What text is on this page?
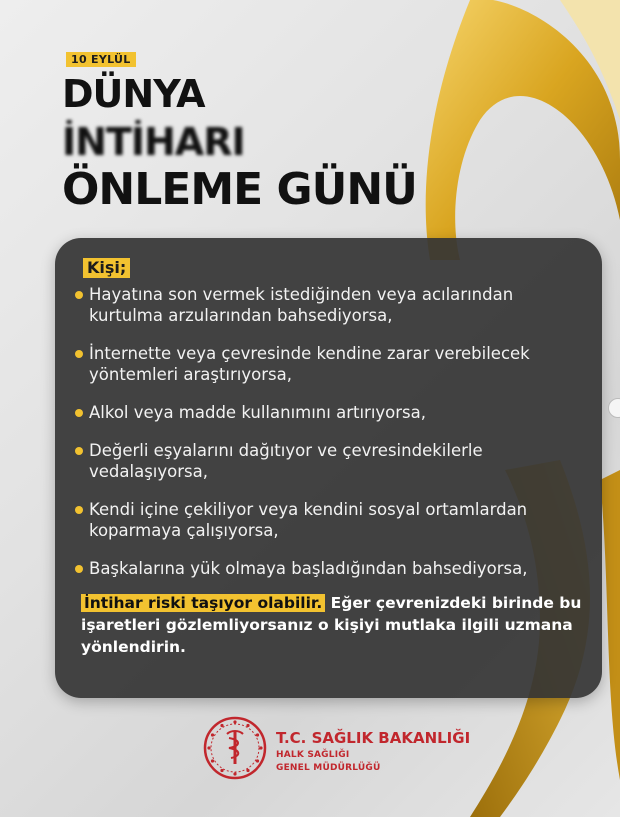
10 EYLÜL
DÜNYA
İNTİHARI
ÖNLEME GÜNÜ
Kişi;
Hayatına son vermek istediğinden veya acılarından kurtulma arzularından bahsediyorsa,
İnternette veya çevresinde kendine zarar verebilecek yöntemleri araştırıyorsa,
Alkol veya madde kullanımını artırıyorsa,
Değerli eşyalarını dağıtıyor ve çevresindekilerle vedalaşıyorsa,
Kendi içine çekiliyor veya kendini sosyal ortamlardan koparmaya çalışıyorsa,
Başkalarına yük olmaya başladığından bahsediyorsa,
İntihar riski taşıyor olabilir. Eğer çevrenizdeki birinde bu işaretleri gözlemliyorsanız o kişiyi mutlaka ilgili uzmana yönlendirin.
T.C. SAĞLIK BAKANLIĞI
HALK SAĞLIĞI
GENEL MÜDÜRLÜĞÜ
